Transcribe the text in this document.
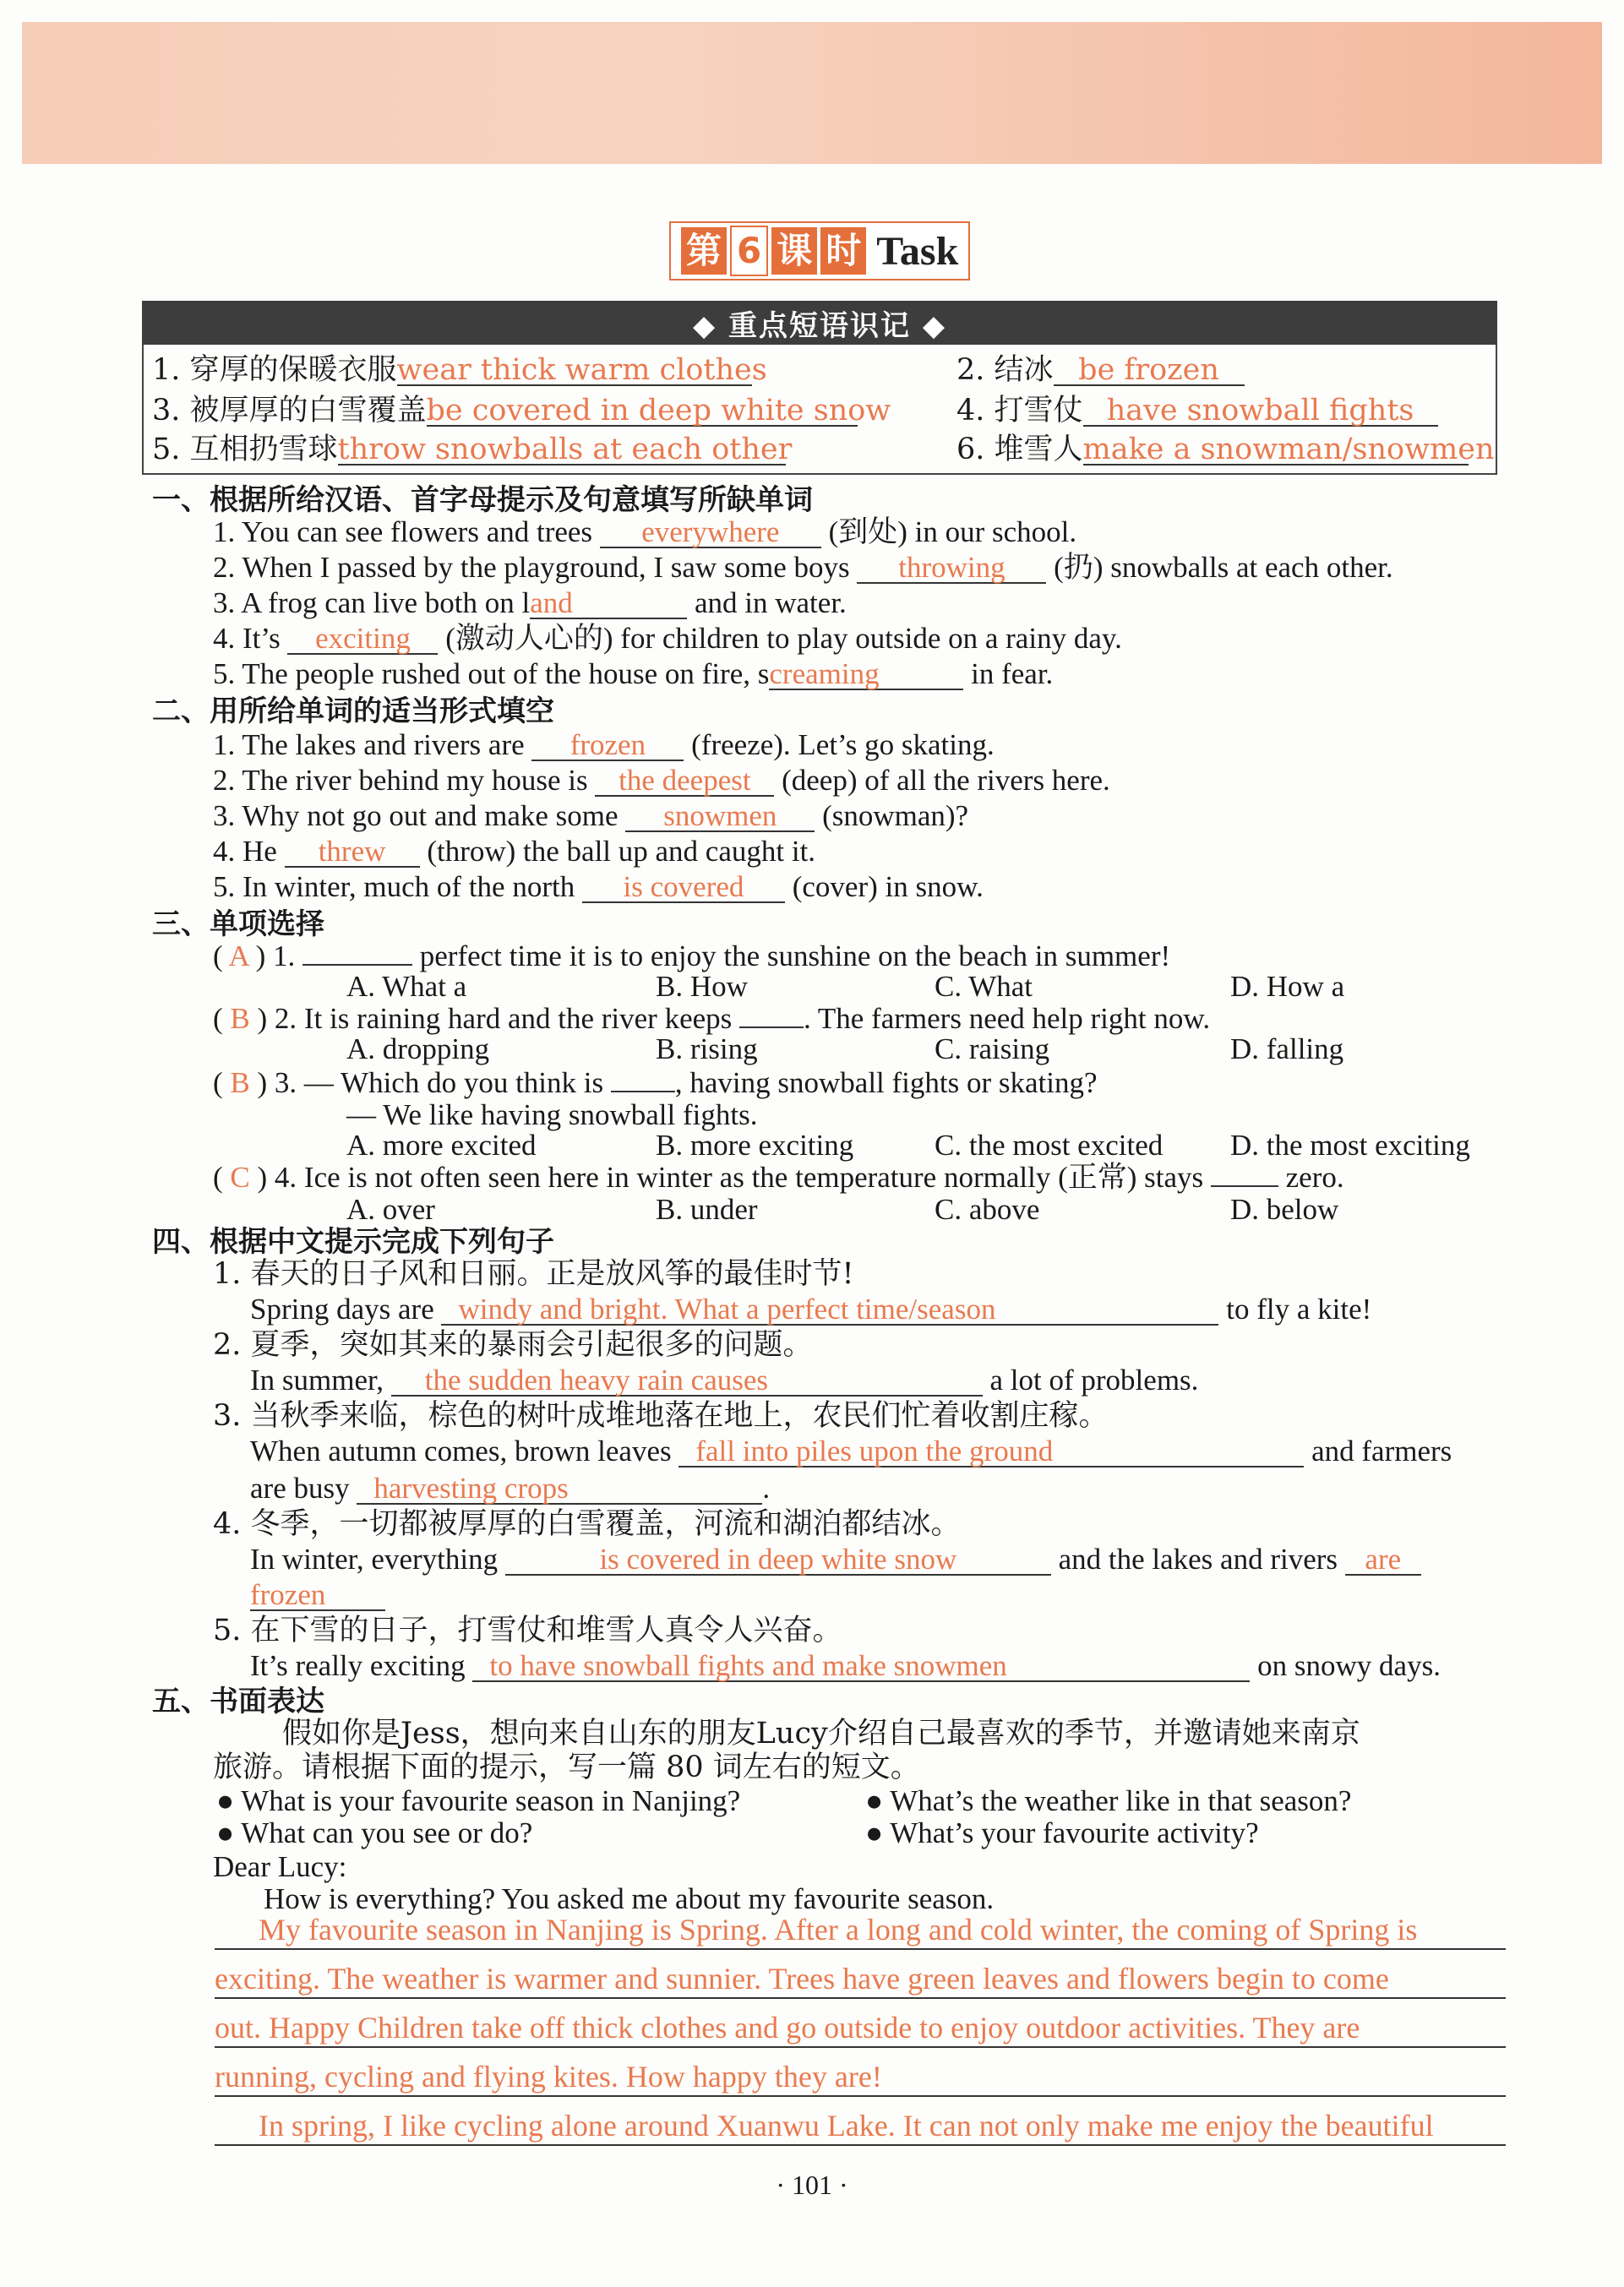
第 6 课 时 Task
◆ 重点短语识记 ◆
1. 穿厚的保暖衣服wear thick warm clothes	2. 结冰 be frozen
3. 被厚厚的白雪覆盖be covered in deep white snow 4. 打雪仗 have snowball fights
5. 互相扔雪球throw snowballs at each other	6. 堆雪人make a snowman/snowmen
一、根据所给汉语、首字母提示及句意填写所缺单词
1. You can see flowers and trees everywhere (到处) in our school.
2. When I passed by the playground, I saw some boys throwing (扔) snowballs at each other.
3. A frog can live both on land	and in water.
4. It’s exciting (激动人心的) for children to play outside on a rainy day.
5. The people rushed out of the house on fire, screaming	in fear.
二、用所给单词的适当形式填空
1. The lakes and rivers are frozen (freeze). Let’s go skating.
2. The river behind my house is the deepest (deep) of all the rivers here.
3. Why not go out and make some snowmen (snowman)?
4. He threw (throw) the ball up and caught it.
5. In winter, much of the north is covered (cover) in snow.
三、单项选择
( A ) 1.	perfect time it is to enjoy the sunshine on the beach in summer!
A. What a	B. How	C. What	D. How a
( B ) 2. It is raining hard and the river keeps . The farmers need help right now.
A. dropping	B. rising	C. raising	D. falling
( B ) 3. — Which do you think is , having snowball fights or skating?
— We like having snowball fights.
A. more excited	B. more exciting	C. the most excited D. the most exciting
( C ) 4. Ice is not often seen here in winter as the temperature normally (正常) stays	zero.
A. over	B. under	C. above	D. below
四、根据中文提示完成下列句子
1. 春天的日子风和日丽。正是放风筝的最佳时节!
Spring days are windy and bright. What a perfect time/season	to fly a kite!
2. 夏季，突如其来的暴雨会引起很多的问题。
In summer, the sudden heavy rain causes	a lot of problems.
3. 当秋季来临，棕色的树叶成堆地落在地上，农民们忙着收割庄稼。
When autumn comes, brown leaves fall into piles upon the ground	and farmers
are busy harvesting crops	.
4. 冬季，一切都被厚厚的白雪覆盖，河流和湖泊都结冰。
In winter, everything	is covered in deep white snow	and the lakes and rivers are
frozen
5. 在下雪的日子，打雪仗和堆雪人真令人兴奋。
It’s really exciting to have snowball fights and make snowmen	on snowy days.
五、书面表达
假如你是Jess，想向来自山东的朋友Lucy介绍自己最喜欢的季节，并邀请她来南京
旅游。请根据下面的提示，写一篇 80 词左右的短文。
● What is your favourite season in Nanjing?	● What’s the weather like in that season?
● What can you see or do?	● What’s your favourite activity?
Dear Lucy:
How is everything? You asked me about my favourite season.
My favourite season in Nanjing is Spring. After a long and cold winter, the coming of Spring is
exciting. The weather is warmer and sunnier. Trees have green leaves and flowers begin to come
out. Happy Children take off thick clothes and go outside to enjoy outdoor activities. They are
running, cycling and flying kites. How happy they are!
In spring, I like cycling alone around Xuanwu Lake. It can not only make me enjoy the beautiful
· 101 ·
